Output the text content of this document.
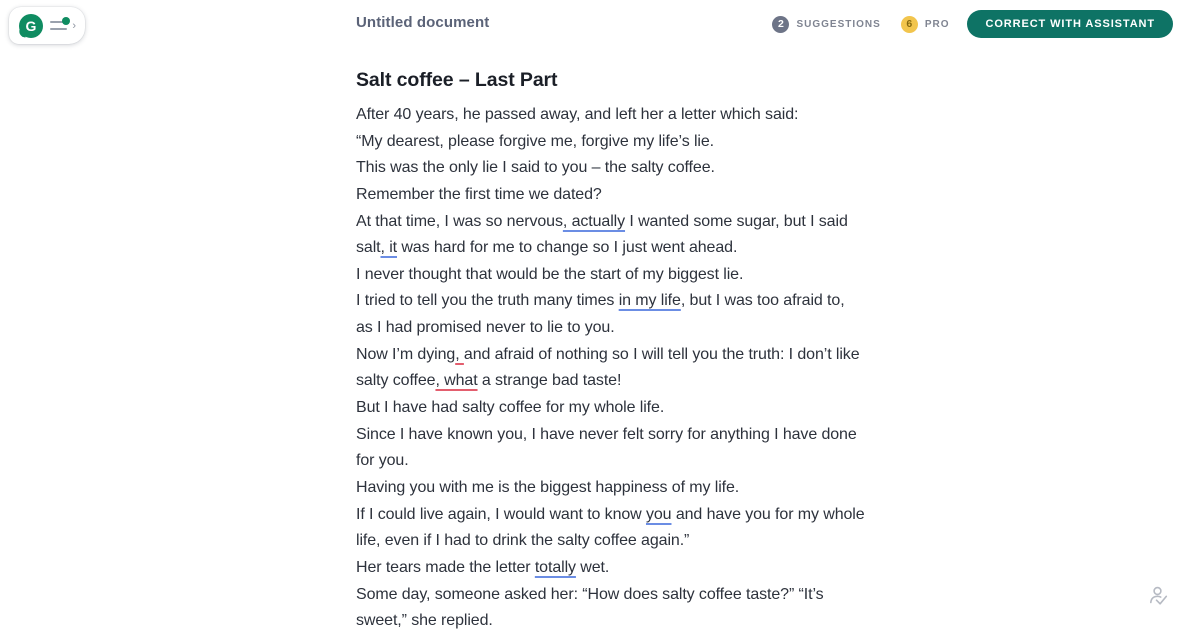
G	›	Untitled document	2	SUGGESTIONS	6	PRO	CORRECT WITH ASSISTANT
Salt coffee – Last Part
After 40 years, he passed away, and left her a letter which said:
“My dearest, please forgive me, forgive my life’s lie.
This was the only lie I said to you – the salty coffee.
Remember the first time we dated?
At that time, I was so nervous, actually I wanted some sugar, but I said
salt, it was hard for me to change so I just went ahead.
I never thought that would be the start of my biggest lie.
I tried to tell you the truth many times in my life, but I was too afraid to,
as I had promised never to lie to you.
Now I’m dying, and afraid of nothing so I will tell you the truth: I don’t like
salty coffee, what a strange bad taste!
But I have had salty coffee for my whole life.
Since I have known you, I have never felt sorry for anything I have done
for you.
Having you with me is the biggest happiness of my life.
If I could live again, I would want to know you and have you for my whole
life, even if I had to drink the salty coffee again.”
Her tears made the letter totally wet.
Some day, someone asked her: “How does salty coffee taste?” “It’s
sweet,” she replied.
